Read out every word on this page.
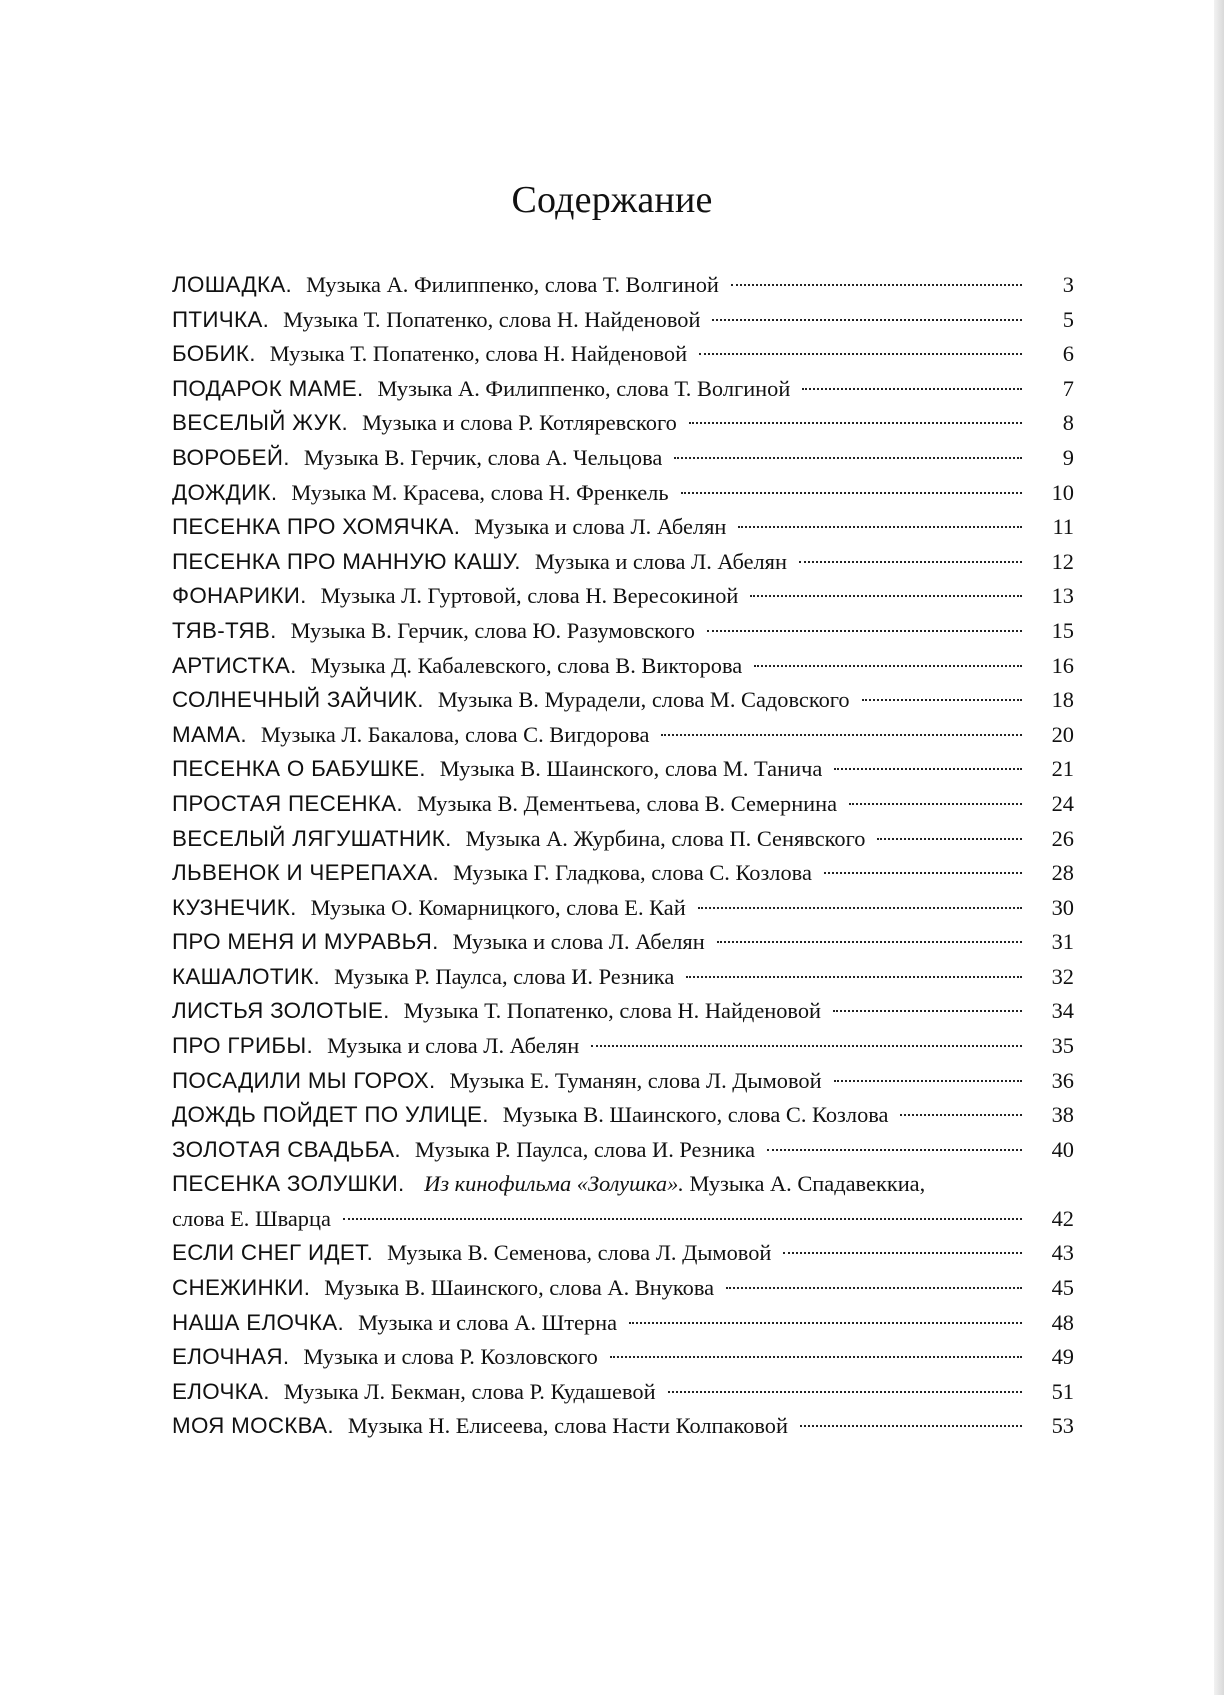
Содержание
ЛОШАДКА. Музыка А. Филиппенко, слова Т. Волгиной	3
ПТИЧКА. Музыка Т. Попатенко, слова Н. Найденовой	5
БОБИК. Музыка Т. Попатенко, слова Н. Найденовой	6
ПОДАРОК МАМЕ. Музыка А. Филиппенко, слова Т. Волгиной	7
ВЕСЕЛЫЙ ЖУК. Музыка и слова Р. Котляревского	8
ВОРОБЕЙ. Музыка В. Герчик, слова А. Чельцова	9
ДОЖДИК. Музыка М. Красева, слова Н. Френкель	10
ПЕСЕНКА ПРО ХОМЯЧКА. Музыка и слова Л. Абелян	11
ПЕСЕНКА ПРО МАННУЮ КАШУ. Музыка и слова Л. Абелян	12
ФОНАРИКИ. Музыка Л. Гуртовой, слова Н. Вересокиной	13
ТЯВ-ТЯВ. Музыка В. Герчик, слова Ю. Разумовского	15
АРТИСТКА. Музыка Д. Кабалевского, слова В. Викторова	16
СОЛНЕЧНЫЙ ЗАЙЧИК. Музыка В. Мурадели, слова М. Садовского	18
МАМА. Музыка Л. Бакалова, слова С. Вигдорова	20
ПЕСЕНКА О БАБУШКЕ. Музыка В. Шаинского, слова М. Танича	21
ПРОСТАЯ ПЕСЕНКА. Музыка В. Дементьева, слова В. Семернина	24
ВЕСЕЛЫЙ ЛЯГУШАТНИК. Музыка А. Журбина, слова П. Сенявского	26
ЛЬВЕНОК И ЧЕРЕПАХА. Музыка Г. Гладкова, слова С. Козлова	28
КУЗНЕЧИК. Музыка О. Комарницкого, слова Е. Кай	30
ПРО МЕНЯ И МУРАВЬЯ. Музыка и слова Л. Абелян	31
КАШАЛОТИК. Музыка Р. Паулса, слова И. Резника	32
ЛИСТЬЯ ЗОЛОТЫЕ. Музыка Т. Попатенко, слова Н. Найденовой	34
ПРО ГРИБЫ. Музыка и слова Л. Абелян	35
ПОСАДИЛИ МЫ ГОРОХ. Музыка Е. Туманян, слова Л. Дымовой	36
ДОЖДЬ ПОЙДЕТ ПО УЛИЦЕ. Музыка В. Шаинского, слова С. Козлова	38
ЗОЛОТАЯ СВАДЬБА. Музыка Р. Паулса, слова И. Резника	40
ПЕСЕНКА ЗОЛУШКИ. Из кинофильма «Золушка». Музыка А. Спадавеккиа,
слова Е. Шварца	42
ЕСЛИ СНЕГ ИДЕТ. Музыка В. Семенова, слова Л. Дымовой	43
СНЕЖИНКИ. Музыка В. Шаинского, слова А. Внукова	45
НАША ЕЛОЧКА. Музыка и слова А. Штерна	48
ЕЛОЧНАЯ. Музыка и слова Р. Козловского	49
ЕЛОЧКА. Музыка Л. Бекман, слова Р. Кудашевой	51
МОЯ МОСКВА. Музыка Н. Елисеева, слова Насти Колпаковой	53
